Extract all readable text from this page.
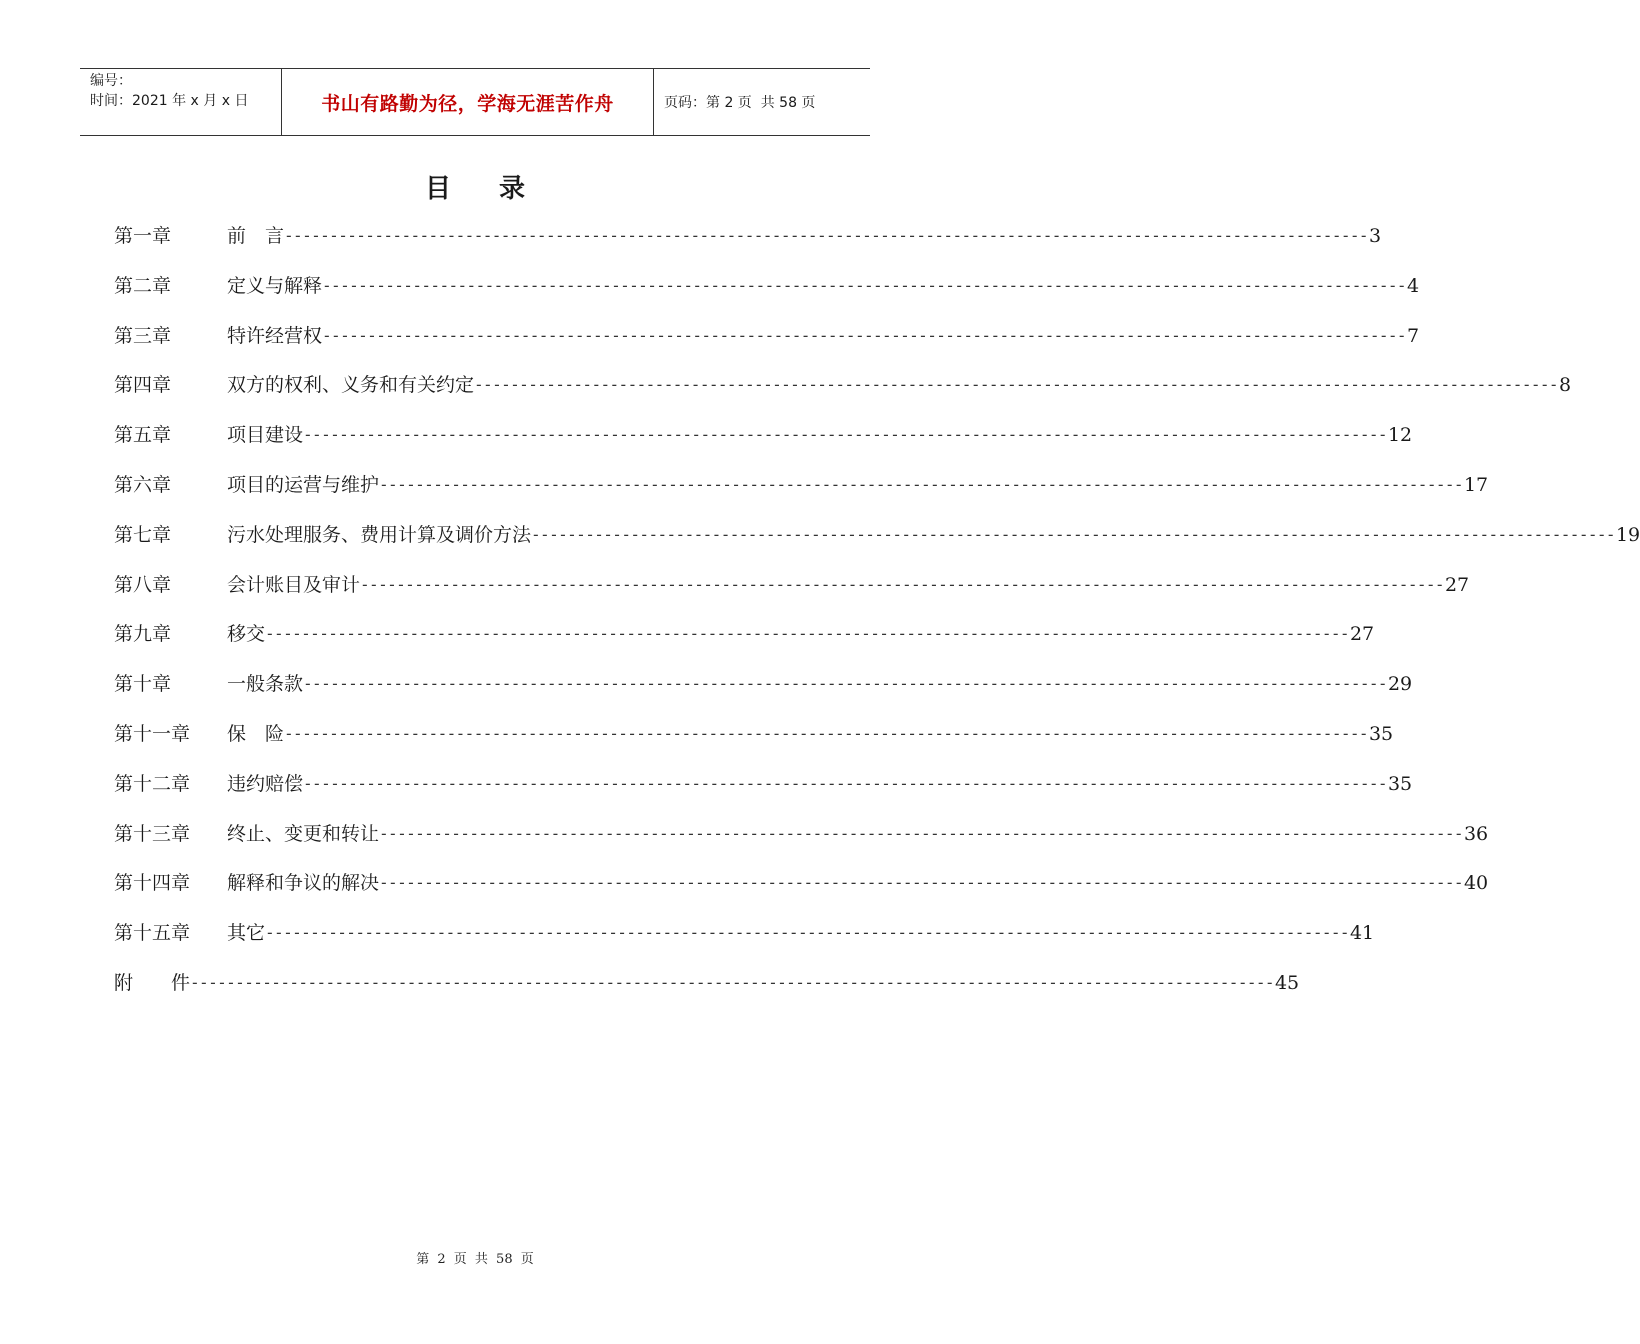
编号：
时间：2021 年 x 月 x 日	书山有路勤为径，学海无涯苦作舟	页码：第 2 页  共 58 页
目录
第一章	前　言 ------------------------------------------------------------------------------------------------------------------------ 3
第二章	定义与解释 ------------------------------------------------------------------------------------------------------------------------ 4
第三章	特许经营权 ------------------------------------------------------------------------------------------------------------------------ 7
第四章	双方的权利、义务和有关约定 ------------------------------------------------------------------------------------------------------------------------ 8
第五章	项目建设 ------------------------------------------------------------------------------------------------------------------------ 12
第六章	项目的运营与维护 ------------------------------------------------------------------------------------------------------------------------ 17
第七章	污水处理服务、费用计算及调价方法 ------------------------------------------------------------------------------------------------------------------------ 19
第八章	会计账目及审计 ------------------------------------------------------------------------------------------------------------------------ 27
第九章	移交 ------------------------------------------------------------------------------------------------------------------------ 27
第十章	一般条款 ------------------------------------------------------------------------------------------------------------------------ 29
第十一章	保　险 ------------------------------------------------------------------------------------------------------------------------ 35
第十二章	违约赔偿 ------------------------------------------------------------------------------------------------------------------------ 35
第十三章	终止、变更和转让 ------------------------------------------------------------------------------------------------------------------------ 36
第十四章	解释和争议的解决 ------------------------------------------------------------------------------------------------------------------------ 40
第十五章	其它 ------------------------------------------------------------------------------------------------------------------------ 41
附　　件 ------------------------------------------------------------------------------------------------------------------------ 45
第 2 页 共 58 页
